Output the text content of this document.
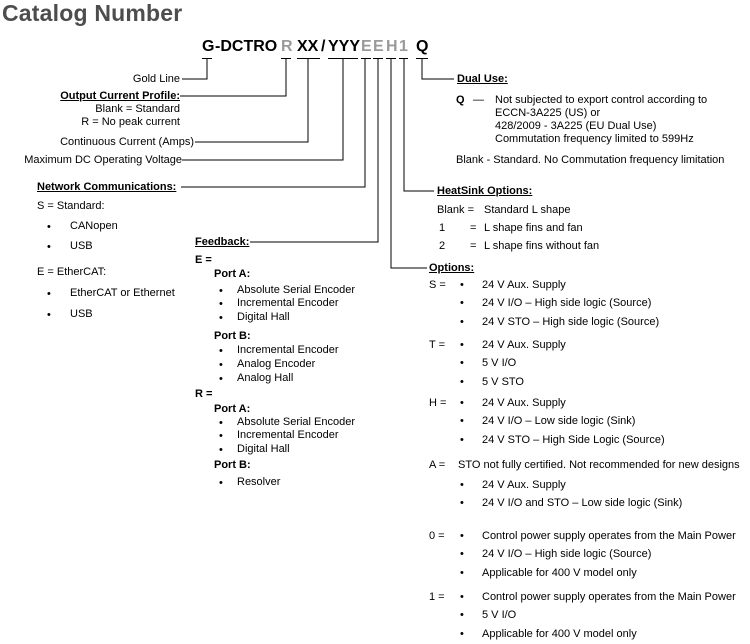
Catalog Number
G -DCTRO R XX / YYY E E H 1 Q
Gold Line
Output Current Profile:
Blank = Standard
R = No peak current
Continuous Current (Amps)
Maximum DC Operating Voltage
Network Communications:
S = Standard:
• CANopen
• USB
E = EtherCAT:
• EtherCAT or Ethernet
• USB
Feedback:
E =
Port A:
• Absolute Serial Encoder
• Incremental Encoder
• Digital Hall
Port B:
• Incremental Encoder
• Analog Encoder
• Analog Hall
R =
Port A:
• Absolute Serial Encoder
• Incremental Encoder
• Digital Hall
Port B:
• Resolver
Dual Use:
Q — Not subjected to export control according to
ECCN-3A225 (US) or
428/2009 - 3A225 (EU Dual Use)
Commutation frequency limited to 599Hz
Blank - Standard. No Commutation frequency limitation
HeatSink Options:
Blank = Standard L shape
1 = L shape fins and fan
2 = L shape fins without fan
Options:
S = • 24 V Aux. Supply
• 24 V I/O – High side logic (Source)
• 24 V STO – High side logic (Source)
T = • 24 V Aux. Supply
• 5 V I/O
• 5 V STO
H = • 24 V Aux. Supply
• 24 V I/O – Low side logic (Sink)
• 24 V STO – High Side Logic (Source)
A = STO not fully certified. Not recommended for new designs
• 24 V Aux. Supply
• 24 V I/O and STO – Low side logic (Sink)
0 = • Control power supply operates from the Main Power
• 24 V I/O – High side logic (Source)
• Applicable for 400 V model only
1 = • Control power supply operates from the Main Power
• 5 V I/O
• Applicable for 400 V model only
